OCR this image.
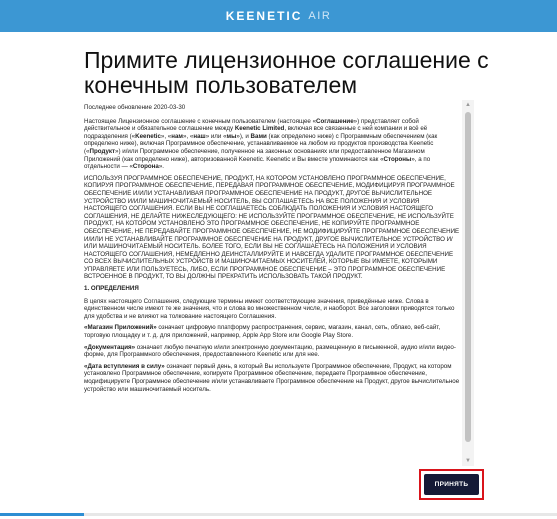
KEENETIC AIR
Примите лицензионное соглашение с конечным пользователем

Последнее обновление 2020-03-30

Настоящее Лицензионное соглашение с конечным пользователем (настоящее «Соглашение») представляет собой действительное и обязательное соглашение между Keenetic Limited, включая все связанные с ней компании и всё её подразделения («Keenetic», «нам», «наш» или «мы»), и Вами (как определено ниже) с Программным обеспечением (как определено ниже), включая Программное обеспечение, устанавливаемое на любом из продуктов производства Keenetic («Продукт») и/или Программное обеспечение, полученное на законных основаниях или предоставленное Магазином Приложений (как определено ниже), авторизованной Keenetic. Keenetic и Вы вместе упоминаются как «Стороны», а по отдельности — «Сторона».

ИСПОЛЬЗУЯ ПРОГРАММНОЕ ОБЕСПЕЧЕНИЕ, ПРОДУКТ, НА КОТОРОМ УСТАНОВЛЕНО ПРОГРАММНОЕ ОБЕСПЕЧЕНИЕ, КОПИРУЯ ПРОГРАММНОЕ ОБЕСПЕЧЕНИЕ, ПЕРЕДАВАЯ ПРОГРАММНОЕ ОБЕСПЕЧЕНИЕ, МОДИФИЦИРУЯ ПРОГРАММНОЕ ОБЕСПЕЧЕНИЕ И/ИЛИ УСТАНАВЛИВАЯ ПРОГРАММНОЕ ОБЕСПЕЧЕНИЕ НА ПРОДУКТ, ДРУГОЕ ВЫЧИСЛИТЕЛЬНОЕ УСТРОЙСТВО И/ИЛИ МАШИНОЧИТАЕМЫЙ НОСИТЕЛЬ, ВЫ СОГЛАШАЕТЕСЬ НА ВСЕ ПОЛОЖЕНИЯ И УСЛОВИЯ НАСТОЯЩЕГО СОГЛАШЕНИЯ. ЕСЛИ ВЫ НЕ СОГЛАШАЕТЕСЬ СОБЛЮДАТЬ ПОЛОЖЕНИЯ И УСЛОВИЯ НАСТОЯЩЕГО СОГЛАШЕНИЯ, НЕ ДЕЛАЙТЕ НИЖЕСЛЕДУЮЩЕГО: НЕ ИСПОЛЬЗУЙТЕ ПРОГРАММНОЕ ОБЕСПЕЧЕНИЕ, НЕ ИСПОЛЬЗУЙТЕ ПРОДУКТ, НА КОТОРОМ УСТАНОВЛЕНО ЭТО ПРОГРАММНОЕ ОБЕСПЕЧЕНИЕ, НЕ КОПИРУЙТЕ ПРОГРАММНОЕ ОБЕСПЕЧЕНИЕ, НЕ ПЕРЕДАВАЙТЕ ПРОГРАММНОЕ ОБЕСПЕЧЕНИЕ, НЕ МОДИФИЦИРУЙТЕ ПРОГРАММНОЕ ОБЕСПЕЧЕНИЕ И/ИЛИ НЕ УСТАНАВЛИВАЙТЕ ПРОГРАММНОЕ ОБЕСПЕЧЕНИЕ НА ПРОДУКТ, ДРУГОЕ ВЫЧИСЛИТЕЛЬНОЕ УСТРОЙСТВО И/ИЛИ МАШИНОЧИТАЕМЫЙ НОСИТЕЛЬ. БОЛЕЕ ТОГО, ЕСЛИ ВЫ НЕ СОГЛАШАЕТЕСЬ НА ПОЛОЖЕНИЯ И УСЛОВИЯ НАСТОЯЩЕГО СОГЛАШЕНИЯ, НЕМЕДЛЕННО ДЕИНСТАЛЛИРУЙТЕ И НАВСЕГДА УДАЛИТЕ ПРОГРАММНОЕ ОБЕСПЕЧЕНИЕ СО ВСЕХ ВЫЧИСЛИТЕЛЬНЫХ УСТРОЙСТВ И МАШИНОЧИТАЕМЫХ НОСИТЕЛЕЙ, КОТОРЫЕ ВЫ ИМЕЕТЕ, КОТОРЫМИ УПРАВЛЯЕТЕ ИЛИ ПОЛЬЗУЕТЕСЬ, ЛИБО, ЕСЛИ ПРОГРАММНОЕ ОБЕСПЕЧЕНИЕ – ЭТО ПРОГРАММНОЕ ОБЕСПЕЧЕНИЕ ВСТРОЕННОЕ В ПРОДУКТ, ТО ВЫ ДОЛЖНЫ ПРЕКРАТИТЬ ИСПОЛЬЗОВАТЬ ТАКОЙ ПРОДУКТ.

1. ОПРЕДЕЛЕНИЯ

В целях настоящего Соглашения, следующие термины имеют соответствующие значения, приведённые ниже. Слова в единственном числе имеют те же значения, что и слова во множественном числе, и наоборот. Все заголовки приводятся только для удобства и не влияют на толкование настоящего Соглашения.

«Магазин Приложений» означает цифровую платформу распространения, сервис, магазин, канал, сеть, облако, веб-сайт, торговую площадку и т. д. для приложений, например, Apple App Store или Google Play Store.

«Документация» означает любую печатную и/или электронную документацию, размещенную в письменной, аудио и/или видео-форме, для Программного обеспечения, предоставленного Keenetic или для нее.

«Дата вступления в силу» означает первый день, в который Вы используете Программное обеспечение, Продукт, на котором установлено Программное обеспечение, копируете Программное обеспечение, передаете Программное обеспечение, модифицируете Программное обеспечение и/или устанавливаете Программное обеспечение на Продукт, другое вычислительное устройство или машиночитаемый носитель.

▲
▼
ПРИНЯТЬ
